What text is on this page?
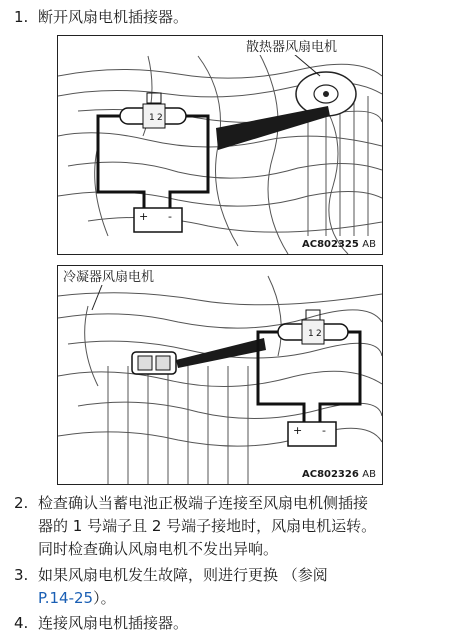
1. 断开风扇电机插接器。
1 2
+ -
散热器风扇电机
AC802325 AB
1 2
+ -
冷凝器风扇电机
AC802326 AB
2. 检查确认当蓄电池正极端子连接至风扇电机侧插接
器的 1 号端子且 2 号端子接地时，风扇电机运转。
同时检查确认风扇电机不发出异响。
3. 如果风扇电机发生故障，则进行更换 （参阅
P.14-25）。
4. 连接风扇电机插接器。
